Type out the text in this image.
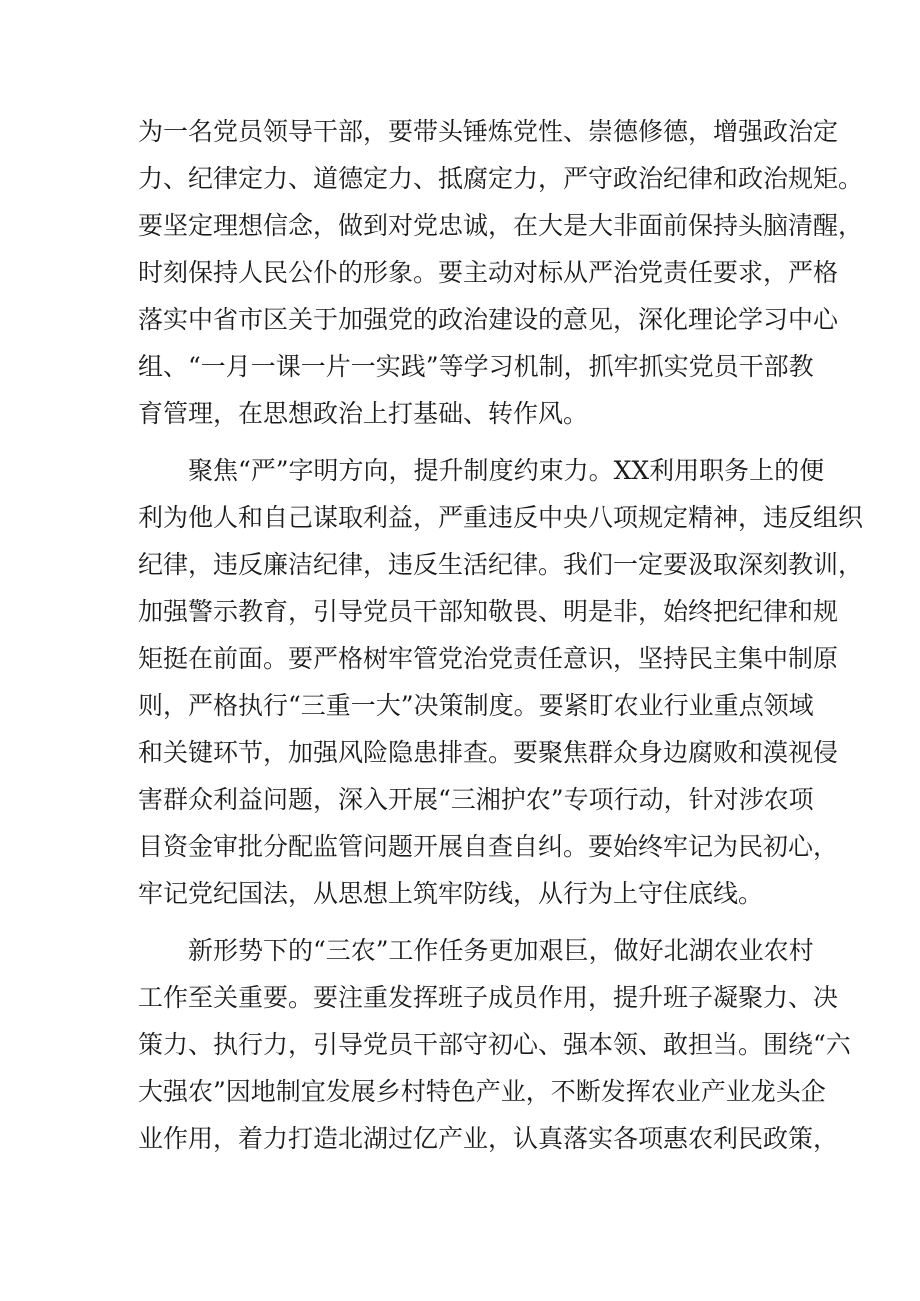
为一名党员领导干部，要带头锤炼党性、崇德修德，增强政治定
力、纪律定力、道德定力、抵腐定力，严守政治纪律和政治规矩。
要坚定理想信念，做到对党忠诚，在大是大非面前保持头脑清醒，
时刻保持人民公仆的形象。要主动对标从严治党责任要求，严格
落实中省市区关于加强党的政治建设的意见，深化理论学习中心
组、“一月一课一片一实践”等学习机制，抓牢抓实党员干部教
育管理，在思想政治上打基础、转作风。
聚焦“严”字明方向，提升制度约束力。XX利用职务上的便
利为他人和自己谋取利益，严重违反中央八项规定精神，违反组织
纪律，违反廉洁纪律，违反生活纪律。我们一定要汲取深刻教训，
加强警示教育，引导党员干部知敬畏、明是非，始终把纪律和规
矩挺在前面。要严格树牢管党治党责任意识，坚持民主集中制原
则，严格执行“三重一大”决策制度。要紧盯农业行业重点领域
和关键环节，加强风险隐患排查。要聚焦群众身边腐败和漠视侵
害群众利益问题，深入开展“三湘护农”专项行动，针对涉农项
目资金审批分配监管问题开展自查自纠。要始终牢记为民初心，
牢记党纪国法，从思想上筑牢防线，从行为上守住底线。
新形势下的“三农”工作任务更加艰巨，做好北湖农业农村
工作至关重要。要注重发挥班子成员作用，提升班子凝聚力、决
策力、执行力，引导党员干部守初心、强本领、敢担当。围绕“六
大强农”因地制宜发展乡村特色产业，不断发挥农业产业龙头企
业作用，着力打造北湖过亿产业，认真落实各项惠农利民政策，
